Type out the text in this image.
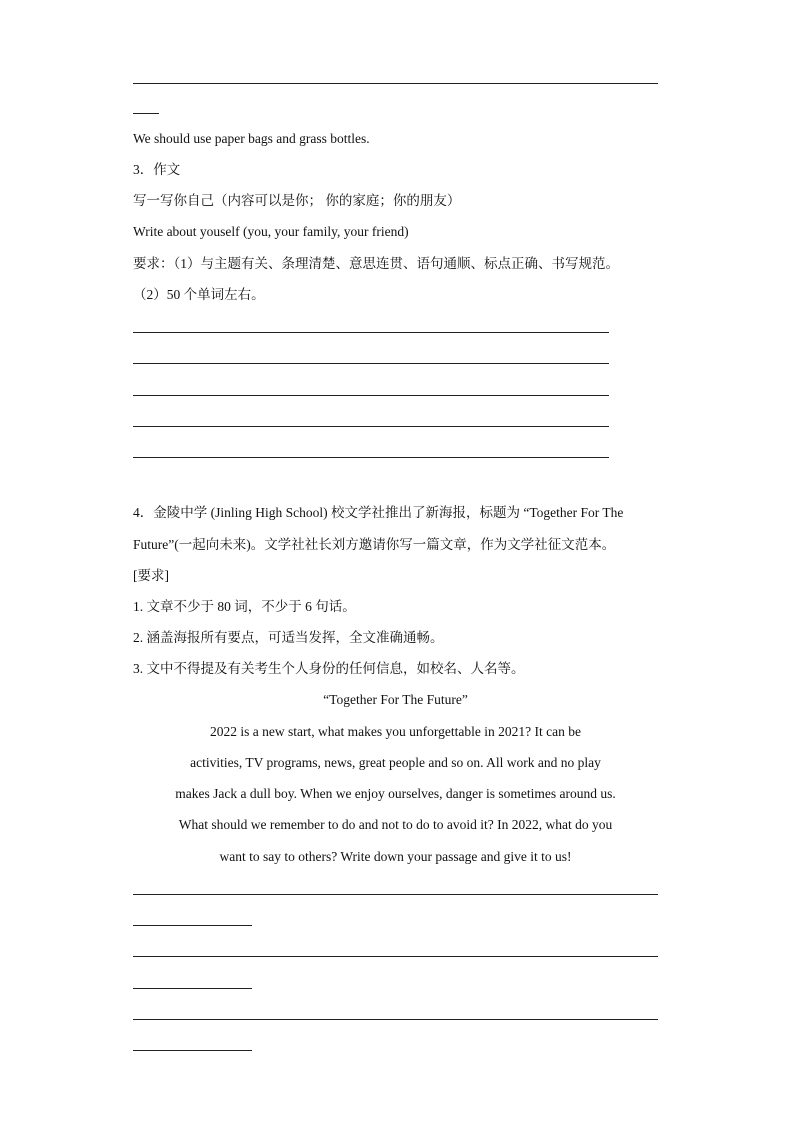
We should use paper bags and grass bottles.
3．作文
写一写你自己（内容可以是你； 你的家庭；你的朋友）
Write about youself (you, your family, your friend)
要求：（1）与主题有关、条理清楚、意思连贯、语句通顺、标点正确、书写规范。
（2）50 个单词左右。
4．金陵中学 (Jinling High School) 校文学社推出了新海报，标题为 “Together For The
Future”(一起向未来)。文学社社长刘方邀请你写一篇文章，作为文学社征文范本。
[要求]
1. 文章不少于 80 词，不少于 6 句话。
2. 涵盖海报所有要点，可适当发挥，全文准确通畅。
3. 文中不得提及有关考生个人身份的任何信息，如校名、人名等。
“Together For The Future”
2022 is a new start, what makes you unforgettable in 2021? It can be
activities, TV programs, news, great people and so on. All work and no play
makes Jack a dull boy. When we enjoy ourselves, danger is sometimes around us.
What should we remember to do and not to do to avoid it? In 2022, what do you
want to say to others? Write down your passage and give it to us!
